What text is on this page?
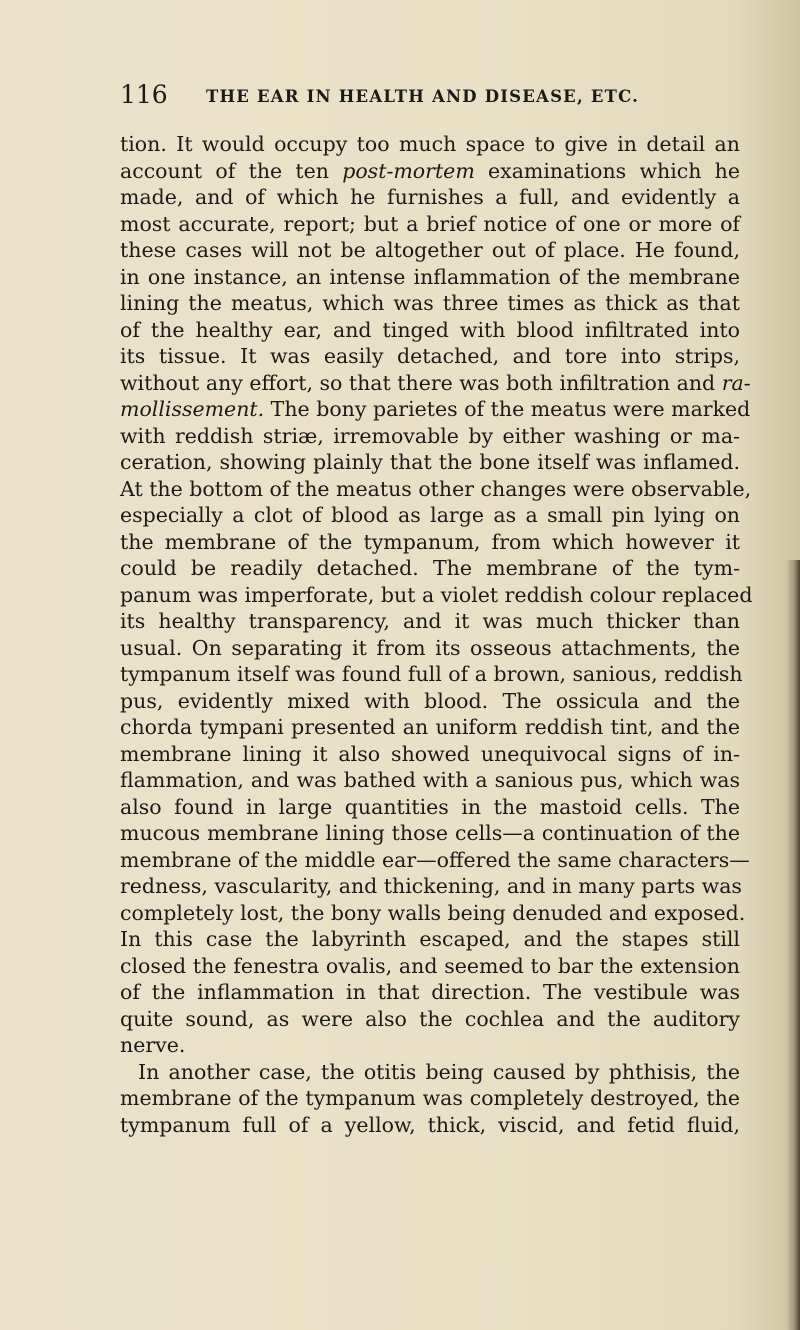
116 THE EAR IN HEALTH AND DISEASE, ETC.
tion. It would occupy too much space to give in detail an
account of the ten post-mortem examinations which he
made, and of which he furnishes a full, and evidently a
most accurate, report; but a brief notice of one or more of
these cases will not be altogether out of place. He found,
in one instance, an intense inflammation of the membrane
lining the meatus, which was three times as thick as that
of the healthy ear, and tinged with blood infiltrated into
its tissue. It was easily detached, and tore into strips,
without any effort, so that there was both infiltration and ra-
mollissement. The bony parietes of the meatus were marked
with reddish striæ, irremovable by either washing or ma-
ceration, showing plainly that the bone itself was inflamed.
At the bottom of the meatus other changes were observable,
especially a clot of blood as large as a small pin lying on
the membrane of the tympanum, from which however it
could be readily detached. The membrane of the tym-
panum was imperforate, but a violet reddish colour replaced
its healthy transparency, and it was much thicker than
usual. On separating it from its osseous attachments, the
tympanum itself was found full of a brown, sanious, reddish
pus, evidently mixed with blood. The ossicula and the
chorda tympani presented an uniform reddish tint, and the
membrane lining it also showed unequivocal signs of in-
flammation, and was bathed with a sanious pus, which was
also found in large quantities in the mastoid cells. The
mucous membrane lining those cells—a continuation of the
membrane of the middle ear—offered the same characters—
redness, vascularity, and thickening, and in many parts was
completely lost, the bony walls being denuded and exposed.
In this case the labyrinth escaped, and the stapes still
closed the fenestra ovalis, and seemed to bar the extension
of the inflammation in that direction. The vestibule was
quite sound, as were also the cochlea and the auditory
nerve.
In another case, the otitis being caused by phthisis, the
membrane of the tympanum was completely destroyed, the
tympanum full of a yellow, thick, viscid, and fetid fluid,
